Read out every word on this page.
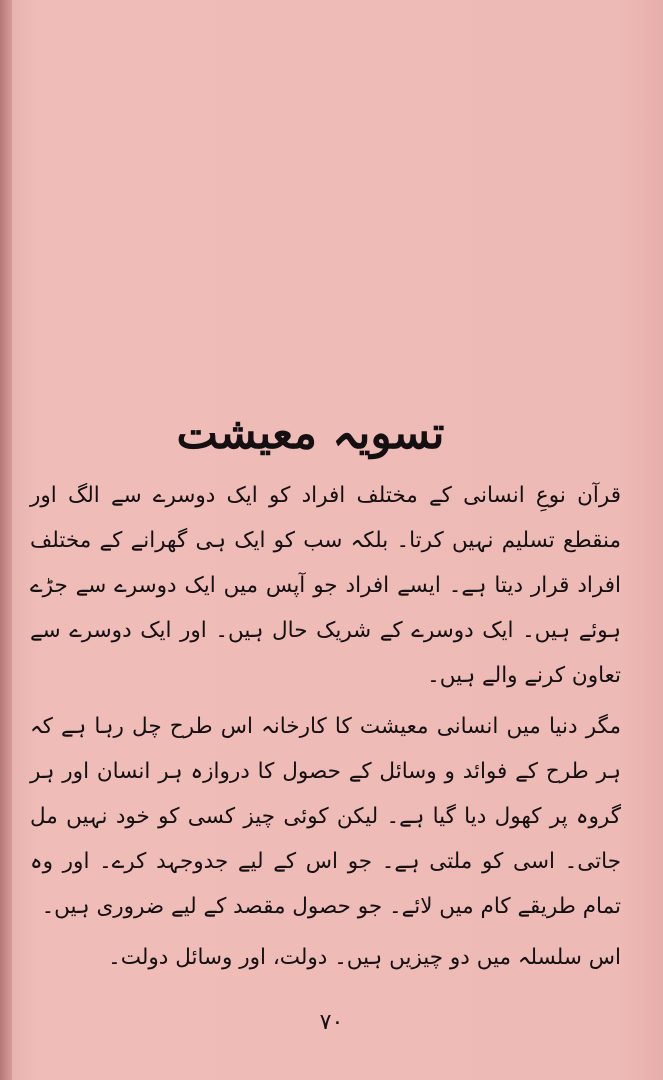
تسویہ معیشت

قرآن نوعِ انسانی کے مختلف افراد کو ایک دوسرے سے الگ اور منقطع تسلیم نہیں کرتا۔ بلکہ سب کو ایک ہی گھرانے کے مختلف افراد قرار دیتا ہے۔ ایسے افراد جو آپس میں ایک دوسرے سے جڑے ہوئے ہیں۔ ایک دوسرے کے شریک حال ہیں۔ اور ایک دوسرے سے تعاون کرنے والے ہیں۔

مگر دنیا میں انسانی معیشت کا کارخانہ اس طرح چل رہا ہے کہ ہر طرح کے فوائد و وسائل کے حصول کا دروازہ ہر انسان اور ہر گروہ پر کھول دیا گیا ہے۔ لیکن کوئی چیز کسی کو خود نہیں مل جاتی۔ اسی کو ملتی ہے۔ جو اس کے لیے جدوجہد کرے۔ اور وہ تمام طریقے کام میں لائے۔ جو حصول مقصد کے لیے ضروری ہیں۔

اس سلسلہ میں دو چیزیں ہیں۔ دولت، اور وسائل دولت۔

۷۰
